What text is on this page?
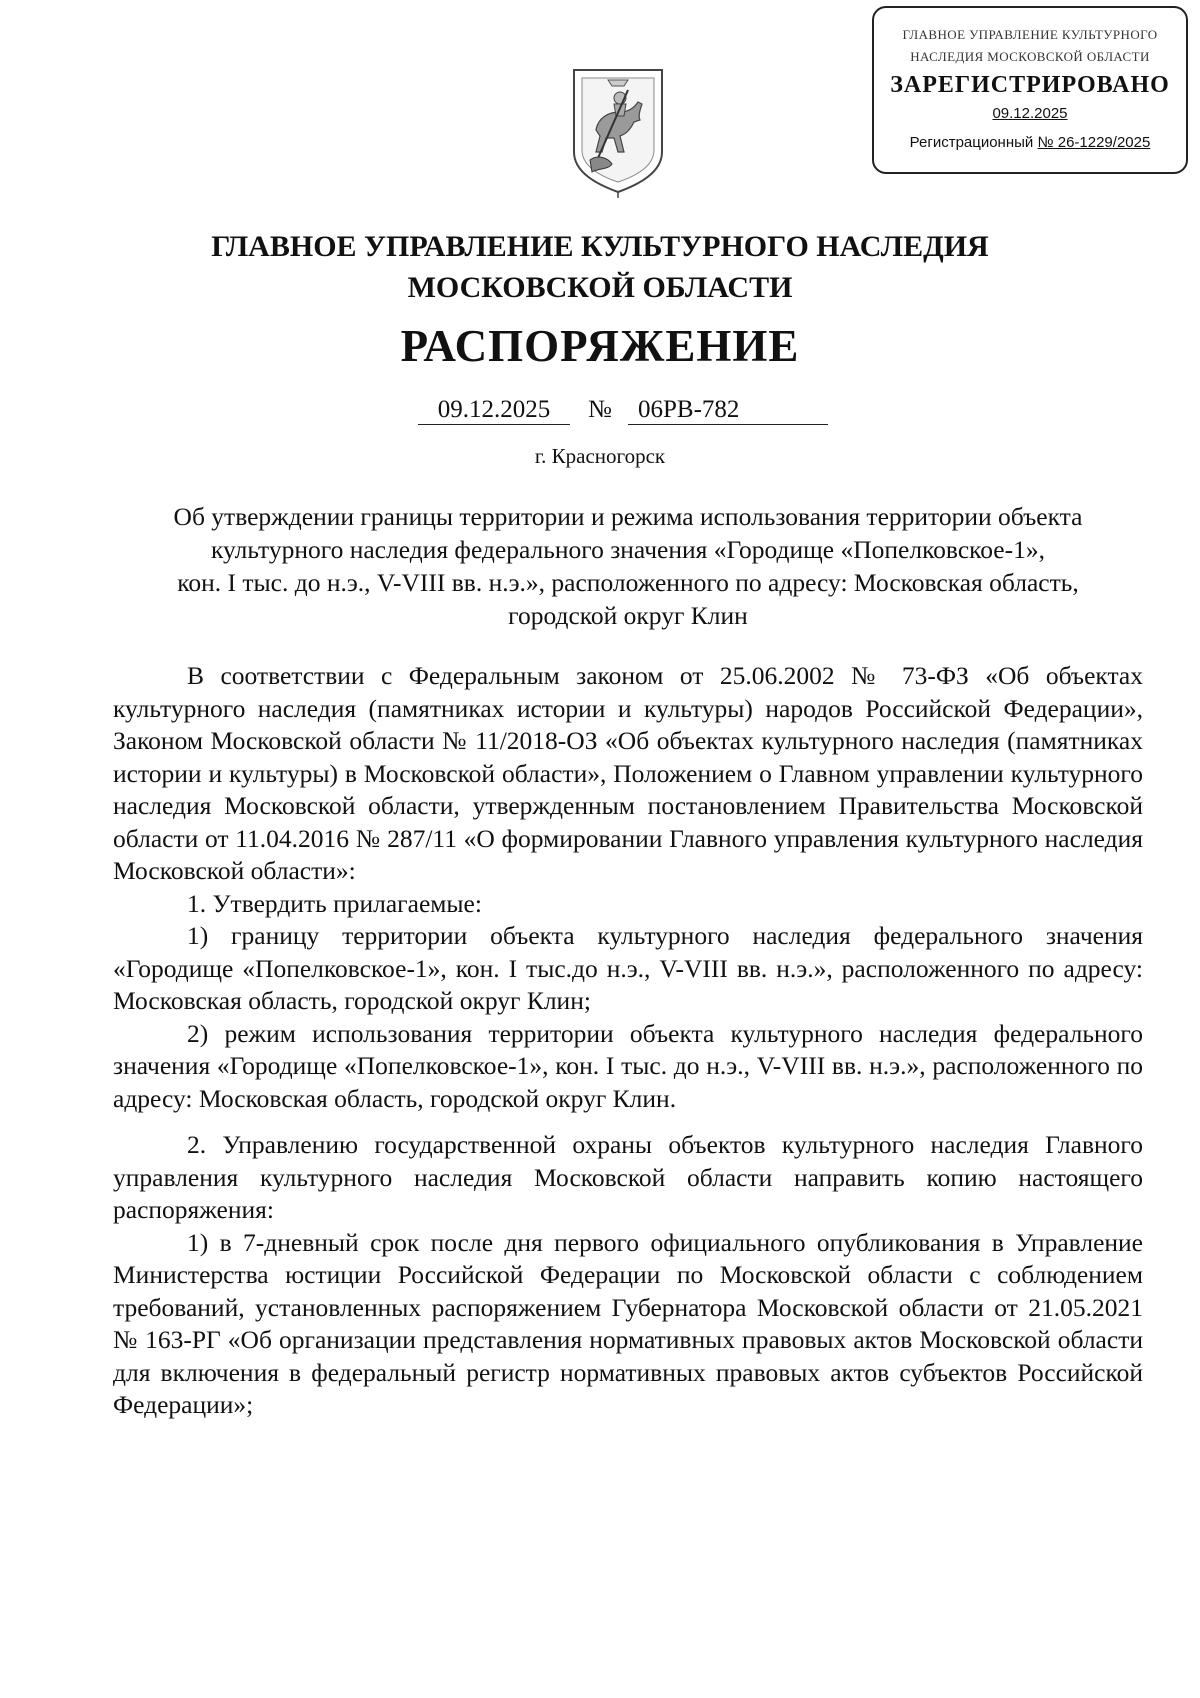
ГЛАВНОЕ УПРАВЛЕНИЕ КУЛЬТУРНОГО
НАСЛЕДИЯ МОСКОВСКОЙ ОБЛАСТИ
ЗАРЕГИСТРИРОВАНО
09.12.2025
Регистрационный № 26-1229/2025
ГЛАВНОЕ УПРАВЛЕНИЕ КУЛЬТУРНОГО НАСЛЕДИЯ
МОСКОВСКОЙ ОБЛАСТИ
РАСПОРЯЖЕНИЕ
09.12.2025	№	06РВ-782
г. Красногорск
Об утверждении границы территории и режима использования территории объекта
культурного наследия федерального значения «Городище «Попелковское-1»,
кон. I тыс. до н.э., V-VIII вв. н.э.», расположенного по адресу: Московская область,
городской округ Клин

В соответствии с Федеральным законом от 25.06.2002 № 73-ФЗ «Об объектах культурного наследия (памятниках истории и культуры) народов Российской Федерации», Законом Московской области № 11/2018-ОЗ «Об объектах культурного наследия (памятниках истории и культуры) в Московской области», Положением о Главном управлении культурного наследия Московской области, утвержденным постановлением Правительства Московской области от 11.04.2016 № 287/11 «О формировании Главного управления культурного наследия Московской области»:

1. Утвердить прилагаемые:

1) границу территории объекта культурного наследия федерального значения «Городище «Попелковское-1», кон. I тыс.до н.э., V-VIII вв. н.э.», расположенного по адресу: Московская область, городской округ Клин;

2) режим использования территории объекта культурного наследия федерального значения «Городище «Попелковское-1», кон. I тыс. до н.э., V-VIII вв. н.э.», расположенного по адресу: Московская область, городской округ Клин.

2. Управлению государственной охраны объектов культурного наследия Главного управления культурного наследия Московской области направить копию настоящего распоряжения:

1) в 7-дневный срок после дня первого официального опубликования в Управление Министерства юстиции Российской Федерации по Московской области с соблюдением требований, установленных распоряжением Губернатора Московской области от 21.05.2021 № 163-РГ «Об организации представления нормативных правовых актов Московской области для включения в федеральный регистр нормативных правовых актов субъектов Российской Федерации»;
